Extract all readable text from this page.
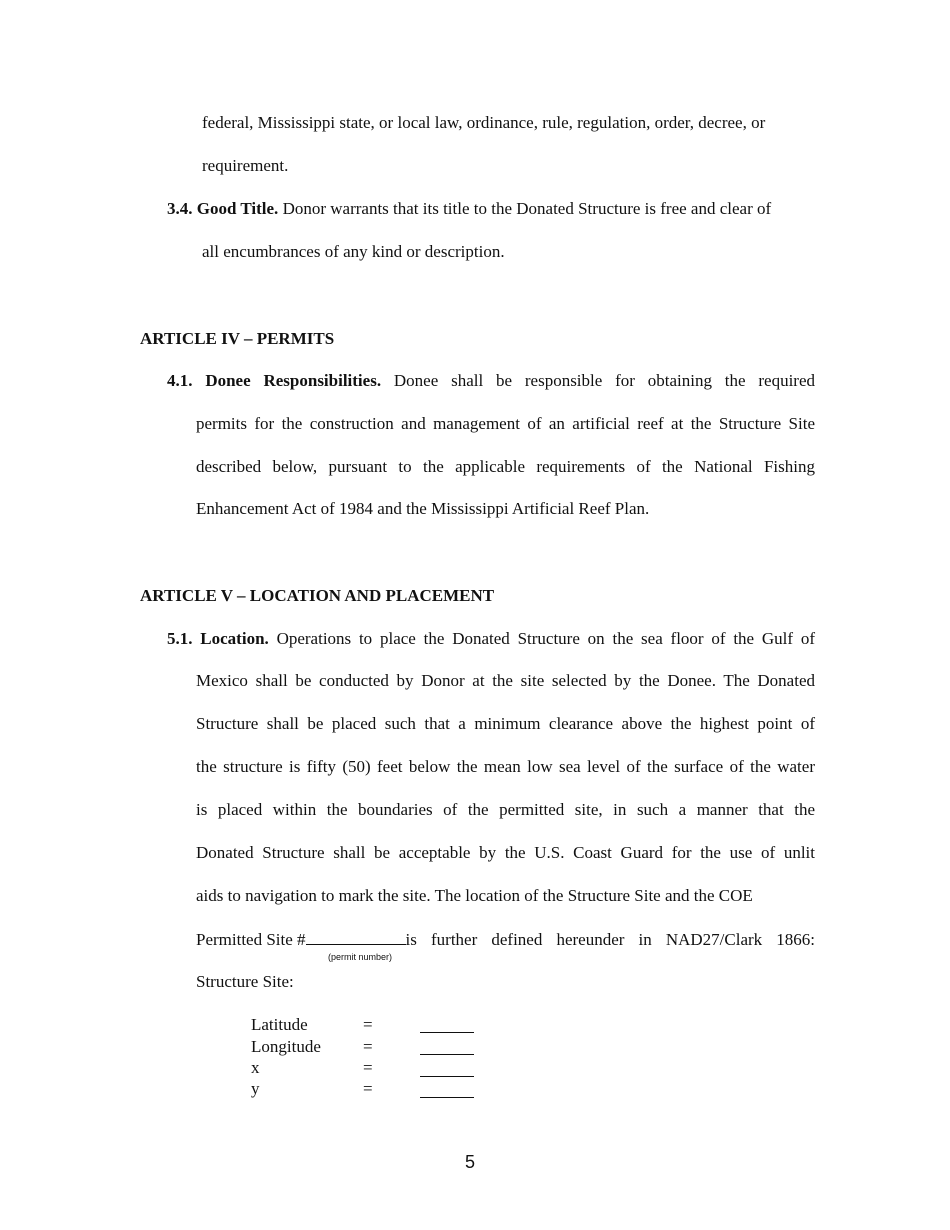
federal, Mississippi state, or local law, ordinance, rule, regulation, order, decree, or
requirement.
3.4. Good Title. Donor warrants that its title to the Donated Structure is free and clear of
all encumbrances of any kind or description.
ARTICLE IV – PERMITS
4.1. Donee Responsibilities. Donee shall be responsible for obtaining the required
permits for the construction and management of an artificial reef at the Structure Site
described below, pursuant to the applicable requirements of the National Fishing
Enhancement Act of 1984 and the Mississippi Artificial Reef Plan.
ARTICLE V – LOCATION AND PLACEMENT
5.1. Location. Operations to place the Donated Structure on the sea floor of the Gulf of
Mexico shall be conducted by Donor at the site selected by the Donee. The Donated
Structure shall be placed such that a minimum clearance above the highest point of
the structure is fifty (50) feet below the mean low sea level of the surface of the water
is placed within the boundaries of the permitted site, in such a manner that the
Donated Structure shall be acceptable by the U.S. Coast Guard for the use of unlit
aids to navigation to mark the site. The location of the Structure Site and the COE
Permitted Site #	is further defined hereunder in NAD27/Clark 1866:
(permit number)
Structure Site:
Latitude	=
Longitude =
x	=
y	=
5
